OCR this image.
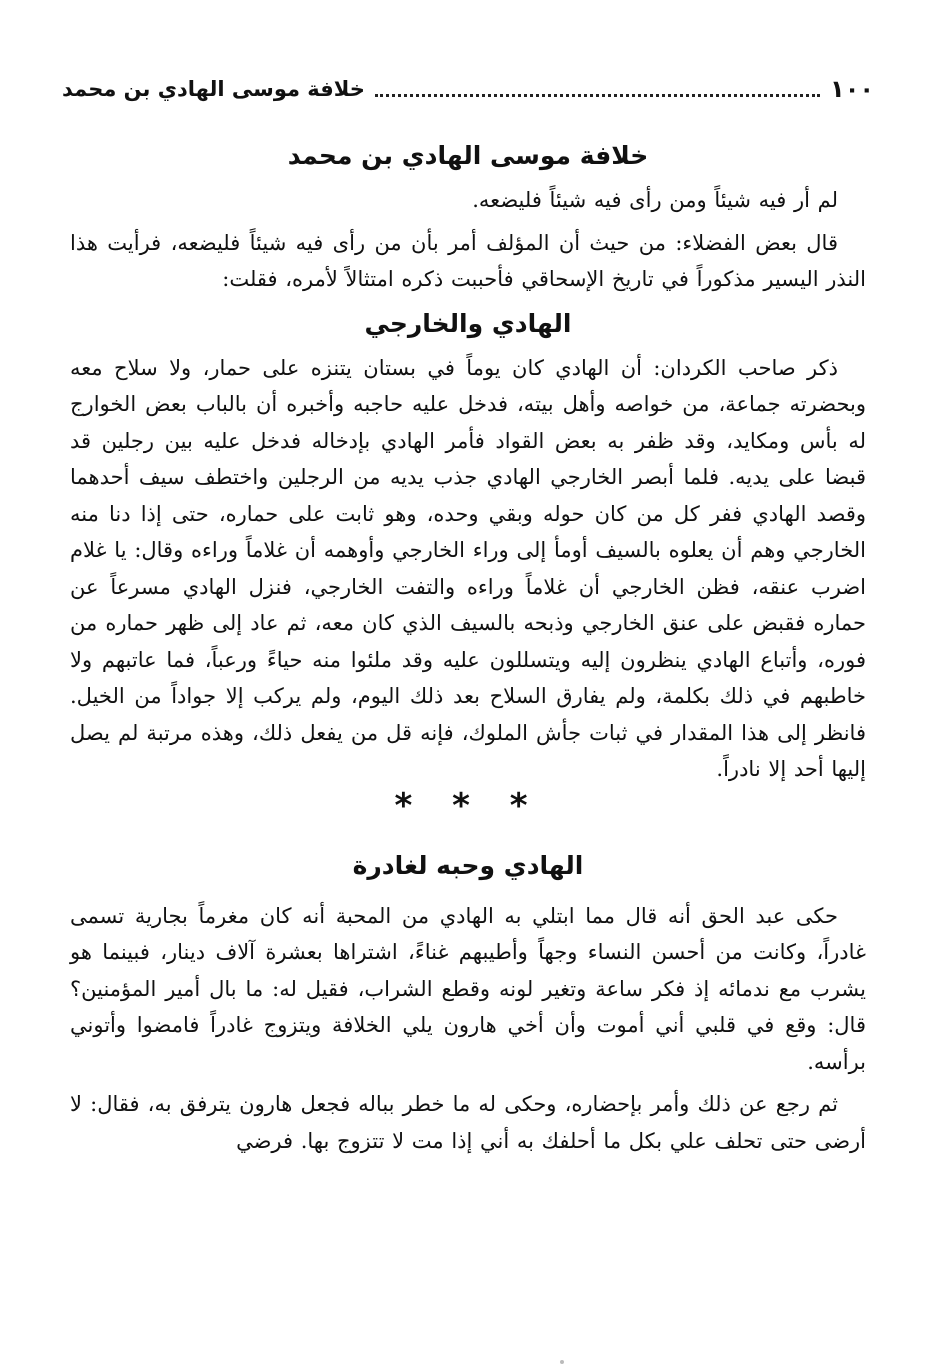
١٠٠
خلافة موسى الهادي بن محمد
خلافة موسى الهادي بن محمد

لم أر فيه شيئاً ومن رأى فيه شيئاً فليضعه.

قال بعض الفضلاء: من حيث أن المؤلف أمر بأن من رأى فيه شيئاً فليضعه، فرأيت هذا النذر اليسير مذكوراً في تاريخ الإسحاقي فأحببت ذكره امتثالاً لأمره، فقلت:

الهادي والخارجي

ذكر صاحب الكردان: أن الهادي كان يوماً في بستان يتنزه على حمار، ولا سلاح معه وبحضرته جماعة، من خواصه وأهل بيته، فدخل عليه حاجبه وأخبره أن بالباب بعض الخوارج له بأس ومكايد، وقد ظفر به بعض القواد فأمر الهادي بإدخاله فدخل عليه بين رجلين قد قبضا على يديه. فلما أبصر الخارجي الهادي جذب يديه من الرجلين واختطف سيف أحدهما وقصد الهادي ففر كل من كان حوله وبقي وحده، وهو ثابت على حماره، حتى إذا دنا منه الخارجي وهم أن يعلوه بالسيف أومأ إلى وراء الخارجي وأوهمه أن غلاماً وراءه وقال: يا غلام اضرب عنقه، فظن الخارجي أن غلاماً وراءه والتفت الخارجي، فنزل الهادي مسرعاً عن حماره فقبض على عنق الخارجي وذبحه بالسيف الذي كان معه، ثم عاد إلى ظهر حماره من فوره، وأتباع الهادي ينظرون إليه ويتسللون عليه وقد ملئوا منه حياءً ورعباً، فما عاتبهم ولا خاطبهم في ذلك بكلمة، ولم يفارق السلاح بعد ذلك اليوم، ولم يركب إلا جواداً من الخيل. فانظر إلى هذا المقدار في ثبات جأش الملوك، فإنه قل من يفعل ذلك، وهذه مرتبة لم يصل إليها أحد إلا نادراً.

* * *

الهادي وحبه لغادرة

حكى عبد الحق أنه قال مما ابتلي به الهادي من المحبة أنه كان مغرماً بجارية تسمى غادراً، وكانت من أحسن النساء وجهاً وأطيبهم غناءً، اشتراها بعشرة آلاف دينار، فبينما هو يشرب مع ندمائه إذ فكر ساعة وتغير لونه وقطع الشراب، فقيل له: ما بال أمير المؤمنين؟ قال: وقع في قلبي أني أموت وأن أخي هارون يلي الخلافة ويتزوج غادراً فامضوا وأتوني برأسه.

ثم رجع عن ذلك وأمر بإحضاره، وحكى له ما خطر بباله فجعل هارون يترفق به، فقال: لا أرضى حتى تحلف علي بكل ما أحلفك به أني إذا مت لا تتزوج بها. فرضي
